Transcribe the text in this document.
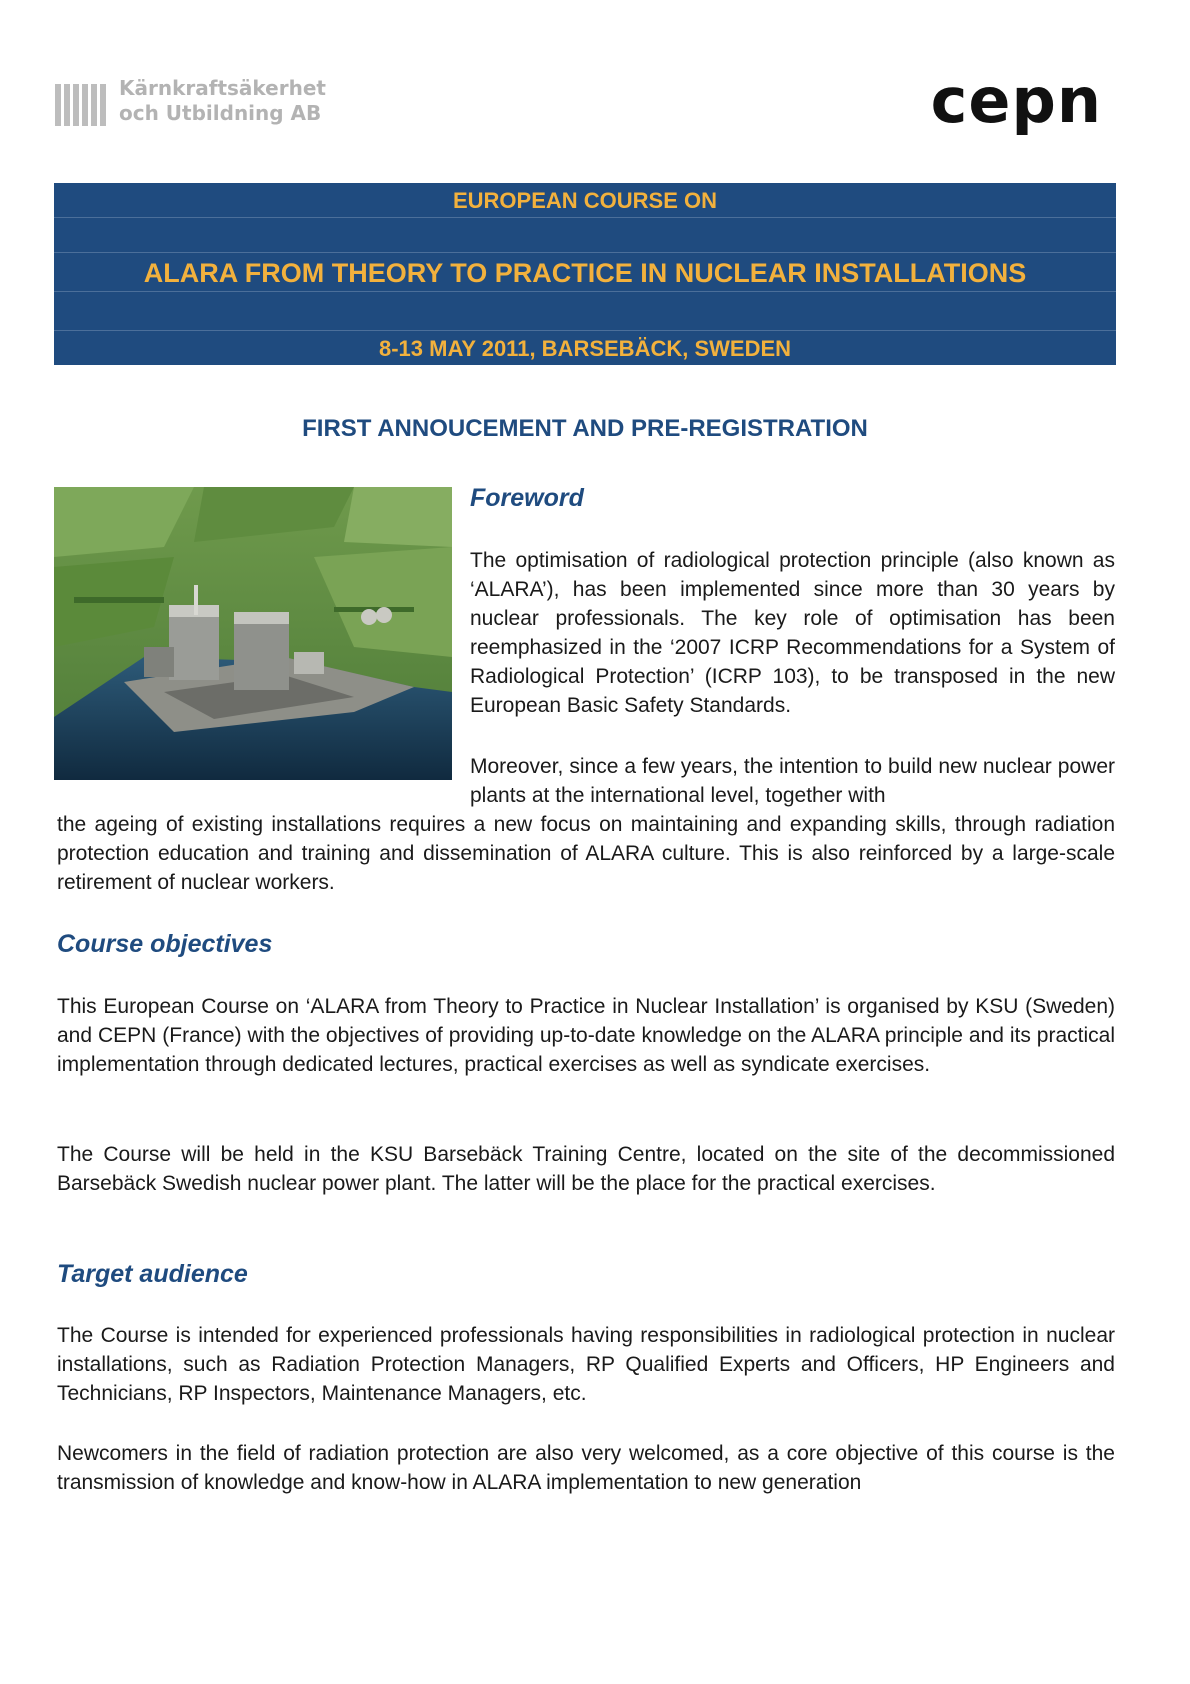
Kärnkraftsäkerhet
och Utbildning AB	cepn
EUROPEAN COURSE ON
ALARA FROM THEORY TO PRACTICE IN NUCLEAR INSTALLATIONS
8-13 MAY 2011, BARSEBÄCK, SWEDEN
FIRST ANNOUCEMENT AND PRE-REGISTRATION
Foreword

The optimisation of radiological protection principle (also known as ‘ALARA’), has been implemented since more than 30 years by nuclear professionals. The key role of optimisation has been reemphasized in the ‘2007 ICRP Recommendations for a System of Radiological Protection’ (ICRP 103), to be transposed in the new European Basic Safety Standards.

Moreover, since a few years, the intention to build new nuclear power plants at the international level, together with

the ageing of existing installations requires a new focus on maintaining and expanding skills, through radiation protection education and training and dissemination of ALARA culture. This is also reinforced by a large-scale retirement of nuclear workers.

Course objectives

This European Course on ‘ALARA from Theory to Practice in Nuclear Installation’ is organised by KSU (Sweden) and CEPN (France) with the objectives of providing up-to-date knowledge on the ALARA principle and its practical implementation through dedicated lectures, practical exercises as well as syndicate exercises.

The Course will be held in the KSU Barsebäck Training Centre, located on the site of the decommissioned Barsebäck Swedish nuclear power plant. The latter will be the place for the practical exercises.

Target audience

The Course is intended for experienced professionals having responsibilities in radiological protection in nuclear installations, such as Radiation Protection Managers, RP Qualified Experts and Officers, HP Engineers and Technicians, RP Inspectors, Maintenance Managers, etc.

Newcomers in the field of radiation protection are also very welcomed, as a core objective of this course is the transmission of knowledge and know-how in ALARA implementation to new generation
